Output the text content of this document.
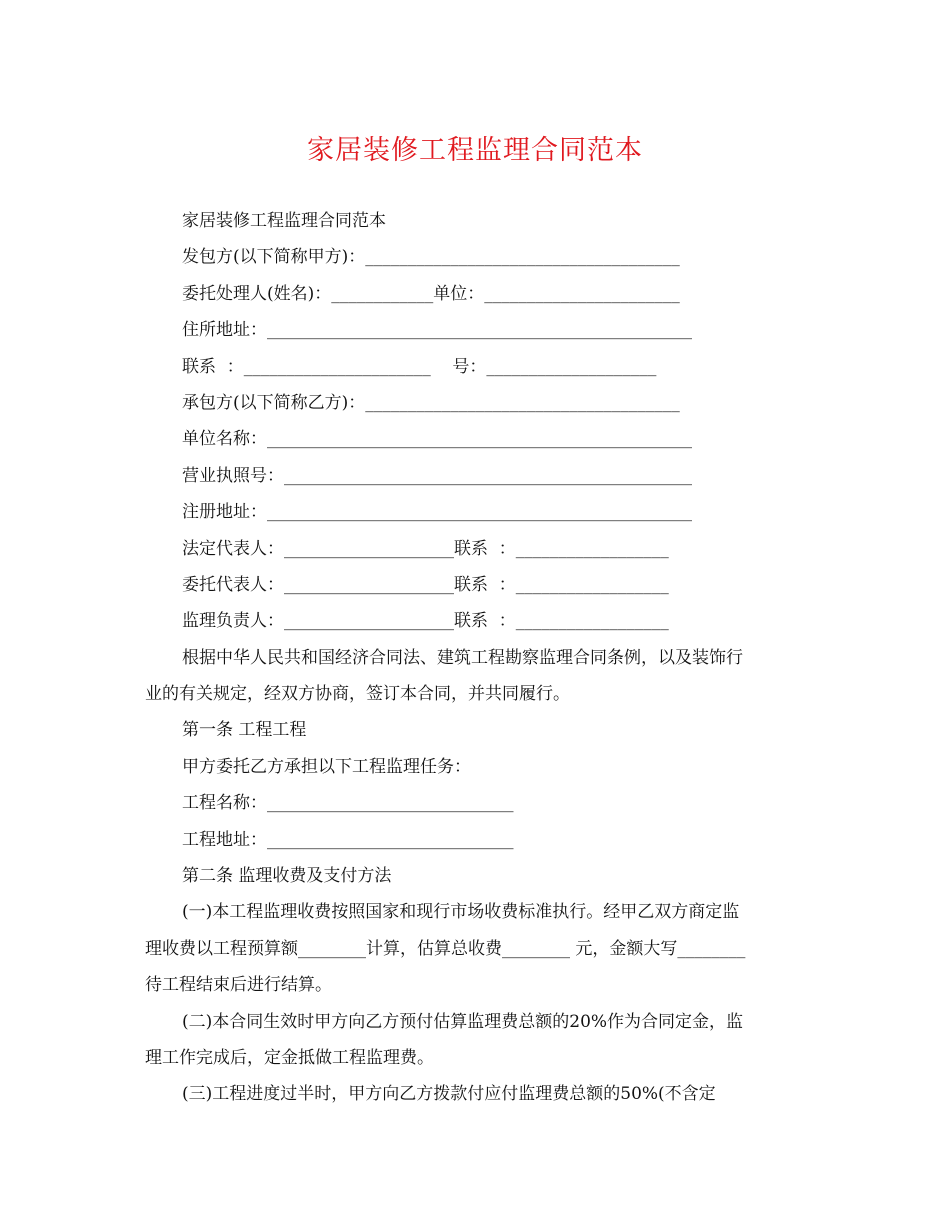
家居装修工程监理合同范本
家居装修工程监理合同范本
发包方(以下简称甲方)：_____________________________________
委托处理人(姓名)：____________单位：_______________________
住所地址：__________________________________________________
联系  ：______________________    号：____________________
承包方(以下简称乙方)：_____________________________________
单位名称：__________________________________________________
营业执照号：________________________________________________
注册地址：__________________________________________________
法定代表人：____________________联系  ：__________________
委托代表人：____________________联系  ：__________________
监理负责人：____________________联系  ：__________________
根据中华人民共和国经济合同法、建筑工程勘察监理合同条例，以及装饰行
业的有关规定，经双方协商，签订本合同，并共同履行。
第一条 工程工程
甲方委托乙方承担以下工程监理任务：
工程名称：_____________________________
工程地址：_____________________________
第二条 监理收费及支付方法
(一)本工程监理收费按照国家和现行市场收费标准执行。经甲乙双方商定监
理收费以工程预算额________计算，估算总收费________ 元，金额大写________
待工程结束后进行结算。
(二)本合同生效时甲方向乙方预付估算监理费总额的20%作为合同定金，监
理工作完成后，定金抵做工程监理费。
(三)工程进度过半时，甲方向乙方拨款付应付监理费总额的50%(不含定
